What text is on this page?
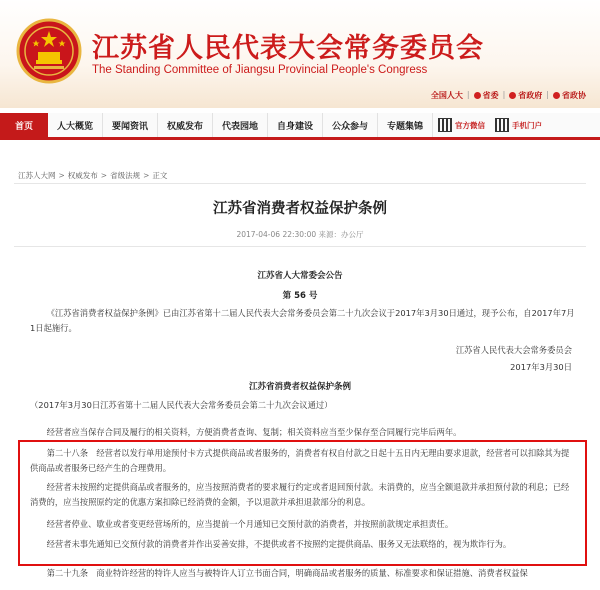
江苏省人民代表大会常务委员会
The Standing Committee of Jiangsu Provincial People's Congress
全国人大 | 省委 | 省政府 | 省政协
首页	人大概览	要闻资讯	权威发布	代表园地	自身建设	公众参与	专题集锦	官方微信	手机门户
江苏人大网 > 权威发布 > 省级法规 > 正文
江苏省消费者权益保护条例
2017-04-06 22:30:00 来源：办公厅
江苏省人大常委会公告
第 56 号
《江苏省消费者权益保护条例》已由江苏省第十二届人民代表大会常务委员会第二十九次会议于2017年3月30日通过，现予公布，自2017年7月1日起施行。
江苏省人民代表大会常务委员会
2017年3月30日
江苏省消费者权益保护条例
（2017年3月30日江苏省第十二届人民代表大会常务委员会第二十九次会议通过）
经营者应当保存合同及履行的相关资料，方便消费者查询、复制；相关资料应当至少保存至合同履行完毕后两年。
第二十八条　经营者以发行单用途预付卡方式提供商品或者服务的，消费者有权自付款之日起十五日内无理由要求退款，经营者可以扣除其为提供商品或者服务已经产生的合理费用。
经营者未按照约定提供商品或者服务的，应当按照消费者的要求履行约定或者退回预付款。未消费的，应当全额退款并承担预付款的利息；已经消费的，应当按照原约定的优惠方案扣除已经消费的金额，予以退款并承担退款部分的利息。
经营者停业、歇业或者变更经营场所的，应当提前一个月通知已交预付款的消费者，并按照前款规定承担责任。
经营者未事先通知已交预付款的消费者并作出妥善安排，不提供或者不按照约定提供商品、服务又无法联络的，视为欺诈行为。
第二十九条　商业特许经营的特许人应当与被特许人订立书面合同，明确商品或者服务的质量、标准要求和保证措施、消费者权益保
